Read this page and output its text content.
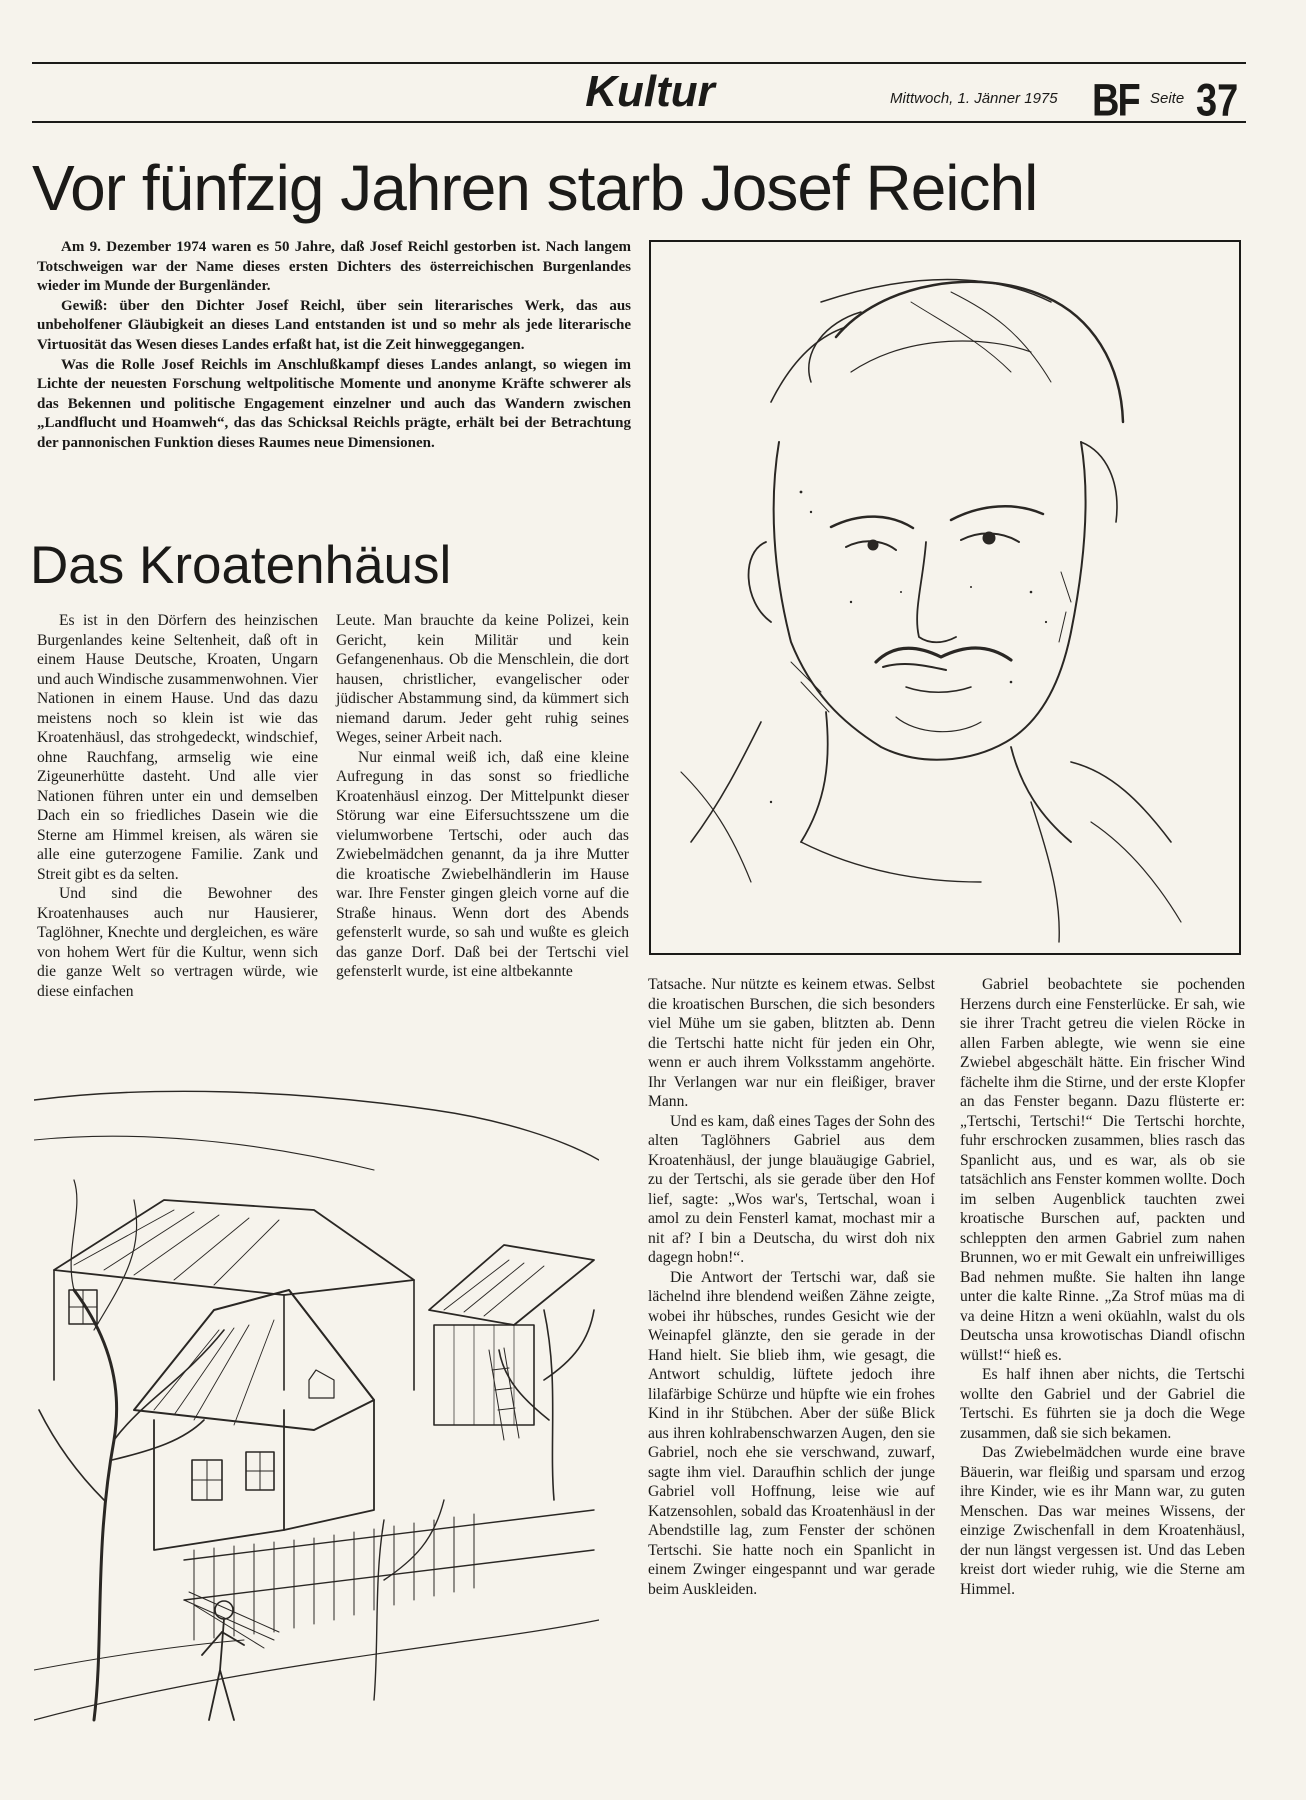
Kultur	Mittwoch, 1. Jänner 1975 BF Seite 37
Vor fünfzig Jahren starb Josef Reichl

Am 9. Dezember 1974 waren es 50 Jahre, daß Josef Reichl gestorben ist. Nach langem Totschweigen war der Name dieses ersten Dichters des österreichischen Burgenlandes wieder im Munde der Burgenländer.

Gewiß: über den Dichter Josef Reichl, über sein literarisches Werk, das aus unbeholfener Gläubigkeit an dieses Land entstanden ist und so mehr als jede literarische Virtuosität das Wesen dieses Landes erfaßt hat, ist die Zeit hinweggegangen.

Was die Rolle Josef Reichls im Anschlußkampf dieses Landes anlangt, so wiegen im Lichte der neuesten Forschung weltpolitische Momente und anonyme Kräfte schwerer als das Bekennen und politische Engagement einzelner und auch das Wandern zwischen „Landflucht und Hoamweh“, das das Schicksal Reichls prägte, erhält bei der Betrachtung der pannonischen Funktion dieses Raumes neue Dimensionen.

Das Kroatenhäusl

Es ist in den Dörfern des heinzischen Burgenlandes keine Seltenheit, daß oft in einem Hause Deutsche, Kroaten, Ungarn und auch Windische zusammenwohnen. Vier Nationen in einem Hause. Und das dazu meistens noch so klein ist wie das Kroatenhäusl, das strohgedeckt, windschief, ohne Rauchfang, armselig wie eine Zigeunerhütte dasteht. Und alle vier Nationen führen unter ein und demselben Dach ein so friedliches Dasein wie die Sterne am Himmel kreisen, als wären sie alle eine guterzogene Familie. Zank und Streit gibt es da selten.

Und sind die Bewohner des Kroatenhauses auch nur Hausierer, Taglöhner, Knechte und dergleichen, es wäre von hohem Wert für die Kultur, wenn sich die ganze Welt so vertragen würde, wie diese einfachen

Leute. Man brauchte da keine Polizei, kein Gericht, kein Militär und kein Gefangenenhaus. Ob die Menschlein, die dort hausen, christlicher, evangelischer oder jüdischer Abstammung sind, da kümmert sich niemand darum. Jeder geht ruhig seines Weges, seiner Arbeit nach.

Nur einmal weiß ich, daß eine kleine Aufregung in das sonst so friedliche Kroatenhäusl einzog. Der Mittelpunkt dieser Störung war eine Eifersuchtsszene um die vielumworbene Tertschi, oder auch das Zwiebelmädchen genannt, da ja ihre Mutter die kroatische Zwiebelhändlerin im Hause war. Ihre Fenster gingen gleich vorne auf die Straße hinaus. Wenn dort des Abends gefensterlt wurde, so sah und wußte es gleich das ganze Dorf. Daß bei der Tertschi viel gefensterlt wurde, ist eine altbekannte

Tatsache. Nur nützte es keinem etwas. Selbst die kroatischen Burschen, die sich besonders viel Mühe um sie gaben, blitzten ab. Denn die Tertschi hatte nicht für jeden ein Ohr, wenn er auch ihrem Volksstamm angehörte. Ihr Verlangen war nur ein fleißiger, braver Mann.

Und es kam, daß eines Tages der Sohn des alten Taglöhners Gabriel aus dem Kroatenhäusl, der junge blauäugige Gabriel, zu der Tertschi, als sie gerade über den Hof lief, sagte: „Wos war's, Tertschal, woan i amol zu dein Fensterl kamat, mochast mir a nit af? I bin a Deutscha, du wirst doh nix dagegn hobn!“.

Die Antwort der Tertschi war, daß sie lächelnd ihre blendend weißen Zähne zeigte, wobei ihr hübsches, rundes Gesicht wie der Weinapfel glänzte, den sie gerade in der Hand hielt. Sie blieb ihm, wie gesagt, die Antwort schuldig, lüftete jedoch ihre lilafärbige Schürze und hüpfte wie ein frohes Kind in ihr Stübchen. Aber der süße Blick aus ihren kohlrabenschwarzen Augen, den sie Gabriel, noch ehe sie verschwand, zuwarf, sagte ihm viel. Daraufhin schlich der junge Gabriel voll Hoffnung, leise wie auf Katzensohlen, sobald das Kroatenhäusl in der Abendstille lag, zum Fenster der schönen Tertschi. Sie hatte noch ein Spanlicht in einem Zwinger eingespannt und war gerade beim Auskleiden.

Gabriel beobachtete sie pochenden Herzens durch eine Fensterlücke. Er sah, wie sie ihrer Tracht getreu die vielen Röcke in allen Farben ablegte, wie wenn sie eine Zwiebel abgeschält hätte. Ein frischer Wind fächelte ihm die Stirne, und der erste Klopfer an das Fenster begann. Dazu flüsterte er: „Tertschi, Tertschi!“ Die Tertschi horchte, fuhr erschrocken zusammen, blies rasch das Spanlicht aus, und es war, als ob sie tatsächlich ans Fenster kommen wollte. Doch im selben Augenblick tauchten zwei kroatische Burschen auf, packten und schleppten den armen Gabriel zum nahen Brunnen, wo er mit Gewalt ein unfreiwilliges Bad nehmen mußte. Sie halten ihn lange unter die kalte Rinne. „Za Strof müas ma di va deine Hitzn a weni oküahln, walst du ols Deutscha unsa krowotischas Diandl ofischn wüllst!“ hieß es.

Es half ihnen aber nichts, die Tertschi wollte den Gabriel und der Gabriel die Tertschi. Es führten sie ja doch die Wege zusammen, daß sie sich bekamen.

Das Zwiebelmädchen wurde eine brave Bäuerin, war fleißig und sparsam und erzog ihre Kinder, wie es ihr Mann war, zu guten Menschen. Das war meines Wissens, der einzige Zwischenfall in dem Kroatenhäusl, der nun längst vergessen ist. Und das Leben kreist dort wieder ruhig, wie die Sterne am Himmel.
